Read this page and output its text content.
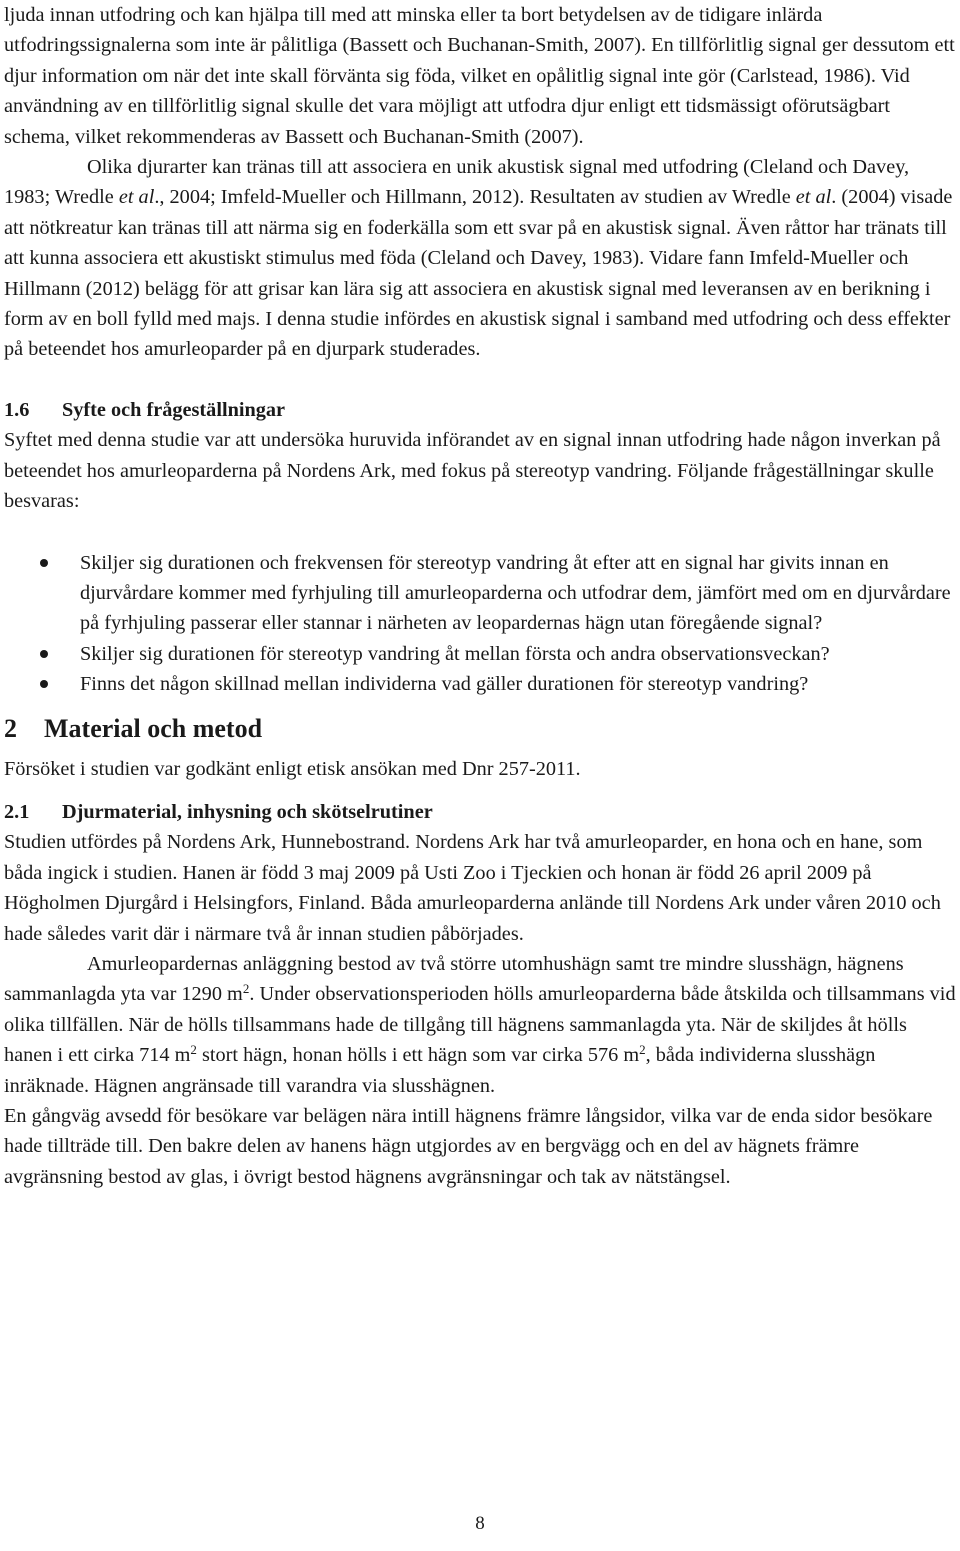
ljuda innan utfodring och kan hjälpa till med att minska eller ta bort betydelsen av de tidigare inlärda utfodringssignalerna som inte är pålitliga (Bassett och Buchanan-Smith, 2007). En tillförlitlig signal ger dessutom ett djur information om när det inte skall förvänta sig föda, vilket en opålitlig signal inte gör (Carlstead, 1986). Vid användning av en tillförlitlig signal skulle det vara möjligt att utfodra djur enligt ett tidsmässigt oförutsägbart schema, vilket rekommenderas av Bassett och Buchanan-Smith (2007).

Olika djurarter kan tränas till att associera en unik akustisk signal med utfodring (Cleland och Davey, 1983; Wredle et al., 2004; Imfeld-Mueller och Hillmann, 2012). Resultaten av studien av Wredle et al. (2004) visade att nötkreatur kan tränas till att närma sig en foderkälla som ett svar på en akustisk signal. Även råttor har tränats till att kunna associera ett akustiskt stimulus med föda (Cleland och Davey, 1983). Vidare fann Imfeld-Mueller och Hillmann (2012) belägg för att grisar kan lära sig att associera en akustisk signal med leveransen av en berikning i form av en boll fylld med majs. I denna studie infördes en akustisk signal i samband med utfodring och dess effekter på beteendet hos amurleoparder på en djurpark studerades.

1.6 Syfte och frågeställningar

Syftet med denna studie var att undersöka huruvida införandet av en signal innan utfodring hade någon inverkan på beteendet hos amurleoparderna på Nordens Ark, med fokus på stereotyp vandring. Följande frågeställningar skulle besvaras:

Skiljer sig durationen och frekvensen för stereotyp vandring åt efter att en signal har givits innan en djurvårdare kommer med fyrhjuling till amurleoparderna och utfodrar dem, jämfört med om en djurvårdare på fyrhjuling passerar eller stannar i närheten av leopardernas hägn utan föregående signal?
Skiljer sig durationen för stereotyp vandring åt mellan första och andra observationsveckan?
Finns det någon skillnad mellan individerna vad gäller durationen för stereotyp vandring?
2 Material och metod

Försöket i studien var godkänt enligt etisk ansökan med Dnr 257-2011.

2.1 Djurmaterial, inhysning och skötselrutiner

Studien utfördes på Nordens Ark, Hunnebostrand. Nordens Ark har två amurleoparder, en hona och en hane, som båda ingick i studien. Hanen är född 3 maj 2009 på Usti Zoo i Tjeckien och honan är född 26 april 2009 på Högholmen Djurgård i Helsingfors, Finland. Båda amurleoparderna anlände till Nordens Ark under våren 2010 och hade således varit där i närmare två år innan studien påbörjades.

Amurleopardernas anläggning bestod av två större utomhushägn samt tre mindre slusshägn, hägnens sammanlagda yta var 1290 $m^2$. Under observationsperioden hölls amurleoparderna både åtskilda och tillsammans vid olika tillfällen. När de hölls tillsammans hade de tillgång till hägnens sammanlagda yta. När de skiljdes åt hölls hanen i ett cirka 714 $m^2$ stort hägn, honan hölls i ett hägn som var cirka 576 $m^2$, båda individerna slusshägn inräknade. Hägnen angränsade till varandra via slusshägnen.

En gångväg avsedd för besökare var belägen nära intill hägnens främre långsidor, vilka var de enda sidor besökare hade tillträde till. Den bakre delen av hanens hägn utgjordes av en bergvägg och en del av hägnets främre avgränsning bestod av glas, i övrigt bestod hägnens avgränsningar och tak av nätstängsel.

8
